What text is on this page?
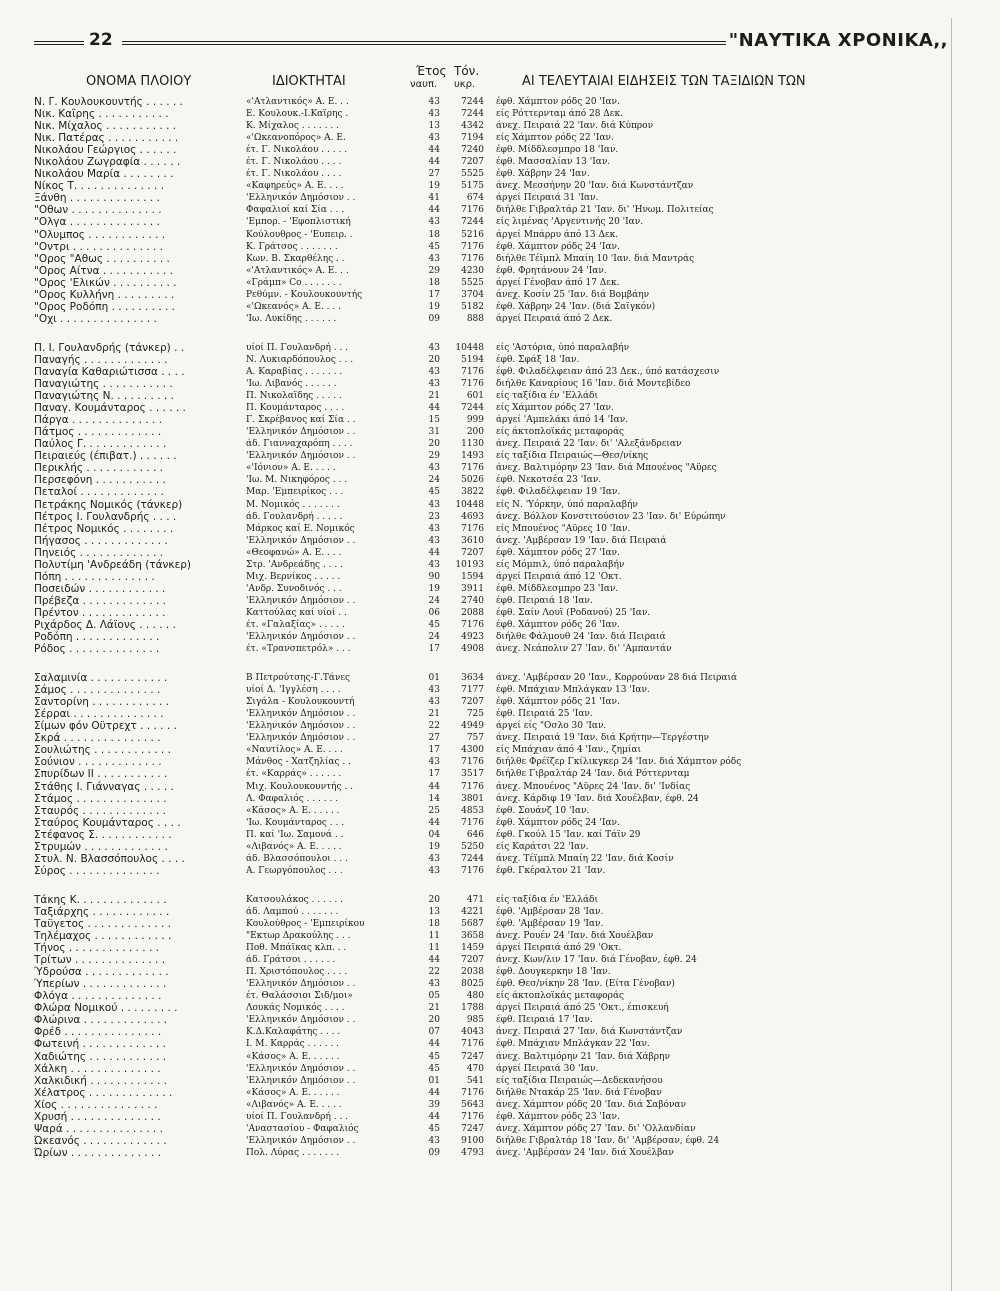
22	"ΝΑΥΤΙΚΑ ΧΡΟΝΙΚΑ,,
ΟΝΟΜΑ ΠΛΟΙΟΥ	ΙΔΙΟΚΤΗΤΑΙ
Έτος
ναυπ.
Τόν.
υκρ.	ΑΙ ΤΕΛΕΥΤΑΙΑΙ ΕΙΔΗΣΕΙΣ ΤΩΝ ΤΑΞΙΔΙΩΝ ΤΩΝ
Ν. Γ. Κουλουκουντής . . . . . .	«'Ατλαντικός» Α. Ε. . .	43	7244 έφθ. Χάμπτον ρόδς 20 'Ιαν.
Νικ. Καΐρης . . . . . . . . . . .	Ε. Κουλουκ.-Ι.Καΐρης .	43	7244 είς Ρόττερνταμ άπό 28 Δεκ.
Νικ. Μίχαλος . . . . . . . . . . .	Κ. Μίχαλος . . . . . . .	13	4342 άνεχ. Πειραιά 22 'Ιαν. διά Κύπρον
Νικ. Πατέρας . . . . . . . . . . .	«'Ωκεανοπόρος» Α. Ε.	43	7194 είς Χάμπτον ρόδς 22 'Ιαν.
Νικολάου Γεώργιος . . . . . .	έτ. Γ. Νικολάου . . . . .	44	7240 έφθ. Μίδδλεσμπρο 18 'Ιαν.
Νικολάου Ζωγραφία . . . . . .	έτ. Γ. Νικολάου . . . .	44	7207 έφθ. Μασσαλίαν 13 'Ιαν.
Νικολάου Μαρία . . . . . . . .	έτ. Γ. Νικολάου . . . .	27	5525 έφθ. Χάβρην 24 'Ιαν.
Νίκος Τ. . . . . . . . . . . . . .	«Καφηρεύς» Α. Ε. . . .	19	5175 άνεχ. Μεσσήνην 20 'Ιαν. διά Κωνστάντζαν
Ξάνθη . . . . . . . . . . . . . .	'Ελληνικόν Δημόσιον . .	41	674 άργεί Πειραιά 31 'Ιαν.
"Οθων . . . . . . . . . . . . . .	Φαφαλιοί καί Σία . . .	44	7176 διήλθε Γιβραλτάρ 21 'Ιαν. δι' 'Ηνωμ. Πολιτείας
"Ολγα . . . . . . . . . . . . . .	'Εμπορ. - 'Εφοπλιστική	43	7244 είς λιμένας 'Αργεντινής 20 'Ιαν.
"Ολυμπος . . . . . . . . . . . .	Κούλουθρος - 'Ευπειρ. .	18	5216 άργεί Μπάρρυ άπό 13 Δεκ.
"Οντρι . . . . . . . . . . . . . .	Κ. Γράτσος . . . . . . .	45	7176 έφθ. Χάμπτον ρόδς 24 'Ιαν.
"Ορος "Αθως . . . . . . . . . .	Κων. Β. Σκαρθέλης . .	43	7176 διήλθε Τέϊμπλ Μπαίη 10 'Ιαν. διά Μαντράς
"Ορος Αίτνα . . . . . . . . . . .	«'Ατλαντικός» Α. Ε. . .	29	4230 έφθ. Φρητάνουν 24 'Ιαν.
"Ορος 'Ελικών . . . . . . . . . .	«Γράμπ» Co . . . . . . .	18	5525 άργεί Γένοβαν άπό 17 Δεκ.
"Ορος Κυλλήνη . . . . . . . . .	Ρεθύμν. - Κουλουκουντής	17	3704 άνεχ. Κοσίν 25 'Ιαν. διά Βομβάην
"Ορος Ροδόπη . . . . . . . . . .	«'Ωκεανός» Α. Ε. . . .	19	5182 έφθ. Χάβρην 24 'Ιαν. (διά Σαϊγκόν)
"Οχι . . . . . . . . . . . . . . .	'Ιω. Λυκίδης . . . . . .	09	888 άργεί Πειραιά άπό 2 Δεκ.
Π. Ι. Γουλανδρής (τάνκερ) . .	υίοί Π. Γουλανδρή . . .	43	10448 είς 'Αστόρια, ύπό παραλαβήν
Παναγής . . . . . . . . . . . . .	Ν. Λυκιαρδόπουλος . . .	20	5194 έφθ. Σφάξ 18 'Ιαν.
Παναγία Καθαριώτισσα . . . .	Α. Καραβίας . . . . . . .	43	7176 έφθ. Φιλαδέλφειαν άπό 23 Δεκ., ύπό κατάσχεσιν
Παναγιώτης . . . . . . . . . . .	'Ιω. Λιβανός . . . . . .	43	7176 διήλθε Καναρίους 16 'Ιαν. διά Μοντεβίδεο
Παναγιώτης Ν. . . . . . . . . .	Π. Νικολαΐδης . . . . .	21	601 είς ταξίδια έν 'Ελλάδι
Παναγ. Κουμάνταρος . . . . . .	Π. Κουμάνταρος . . . .	44	7244 είς Χάμπτον ρόδς 27 'Ιαν.
Πάργα . . . . . . . . . . . . . .	Γ. Σκρέβανος καί Σία . .	15	999 άργεί 'Αμπελάκι άπό 14 'Ιαν.
Πάτμος . . . . . . . . . . . . .	'Ελληνικόν Δημόσιον . .	31	200 είς άκτοπλοϊκάς μεταφοράς
Παύλος Γ. . . . . . . . . . . . .	άδ. Γιανναχαρόπη . . . .	20	1130 άνεχ. Πειραιά 22 'Ιαν. δι' 'Αλεξάνδρειαν
Πειραιεύς (έπιβατ.) . . . . . .	'Ελληνικόν Δημόσιον . .	29	1493 είς ταξίδια Πειραιώς—Θεσ/νίκης
Περικλής . . . . . . . . . . . .	«'Ιόνιον» Α. Ε. . . . .	43	7176 άνεχ. Βαλτιμόρην 23 'Ιαν. διά Μπουένος "Αϋρες
Περσεφόνη . . . . . . . . . . .	'Ιω. Μ. Νικηφόρος . . .	24	5026 έφθ. Νεκοτσέα 23 'Ιαν.
Πεταλοί . . . . . . . . . . . . .	Μαρ. 'Εμπειρίκος . . .	45	3822 έφθ. Φιλαδέλφειαν 19 'Ιαν.
Πετράκης Νομικός (τάνκερ)	Μ. Νομικός . . . . . . .	43	10448 είς Ν. 'Υόρκην, ύπό παραλαβήν
Πέτρος Ι. Γουλανδρής . . . .	άδ. Γουλανδρή . . . . .	23	4693 άνεχ. Βόλλον Κονστιτούσιον 23 'Ιαν. δι' Εύρώπην
Πέτρος Νομικός . . . . . . . .	Μάρκος καί Ε. Νομικός	43	7176 είς Μπουένος "Αϋρες 10 'Ιαν.
Πήγασος . . . . . . . . . . . . .	'Ελληνικόν Δημόσιον . .	43	3610 άνεχ. 'Αμβέρσαν 19 'Ιαν. διά Πειραιά
Πηνειός . . . . . . . . . . . . .	«Θεοφανώ» Α. Ε. . . .	44	7207 έφθ. Χάμπτον ρόδς 27 'Ιαν.
Πολυτίμη 'Ανδρεάδη (τάνκερ)	Στρ. 'Ανδρεάδης . . . .	43	10193 είς Μόμπιλ, ύπό παραλαβήν
Πόπη . . . . . . . . . . . . . .	Μιχ. Βερνίκος . . . . .	90	1594 άργεί Πειραιά άπό 12 'Οκτ.
Ποσειδών . . . . . . . . . . . .	'Ανδρ. Συνοδινός . . .	19	3911 έφθ. Μίδδλεσμπρο 23 'Ιαν.
Πρέβεζα . . . . . . . . . . . . .	'Ελληνικόν Δημόσιον . .	24	2740 έφθ. Πειραιά 18 'Ιαν.
Πρέντον . . . . . . . . . . . . .	Καττούλας καί υίοί . .	06	2088 έφθ. Σαίν Λουΐ (Ροδανού) 25 'Ιαν.
Ριχάρδος Δ. Λάϊονς . . . . . .	έτ. «Γαλαξίας» . . . . .	45	7176 έφθ. Χάμπτον ρόδς 26 'Ιαν.
Ροδόπη . . . . . . . . . . . . .	'Ελληνικόν Δημόσιον . .	24	4923 διήλθε Φάλμουθ 24 'Ιαν. διά Πειραιά
Ρόδος . . . . . . . . . . . . . .	έτ. «Τρανσπετρόλ» . . .	17	4908 άνεχ. Νεάπολιν 27 'Ιαν. δι' 'Αμπαντάν
Σαλαμινία . . . . . . . . . . . .	Β Πετρούτσης-Γ.Τάνες	01	3634 άνεχ. 'Αμβέρσαν 20 'Ιαν., Κορρούναν 28 διά Πειραιά
Σάμος . . . . . . . . . . . . . .	υίοί Δ. 'Ιγγλέση . . . .	43	7177 έφθ. Μπάχιαν Μπλάγκαν 13 'Ιαν.
Σαντορίνη . . . . . . . . . . . .	Σιγάλα - Κουλουκουντή	43	7207 έφθ. Χάμπτον ρόδς 21 'Ιαν.
Σέρραι . . . . . . . . . . . . . .	'Ελληνικόν Δημόσιον . .	21	725 έφθ. Πειραιά 25 'Ιαν.
Σίμων φόν Οϋτρεχτ . . . . . .	'Ελληνικόν Δημόσιον . .	22	4949 άργεί είς "Οσλο 30 'Ιαν.
Σκρά . . . . . . . . . . . . . . .	'Ελληνικόν Δημόσιον . .	27	757 άνεχ. Πειραιά 19 'Ιαν. διά Κρήτην—Τεργέστην
Σουλιώτης . . . . . . . . . . . .	«Ναυτίλος» Α. Ε. . . .	17	4300 είς Μπάχιαν άπό 4 'Ιαν., ζημίαι
Σούνιον . . . . . . . . . . . . .	Μάνθος - Χατζηλίας . .	43	7176 διήλθε Φρέϊζερ Γκίλικγκερ 24 'Ιαν. διά Χάμπτον ρόδς
Σπυρίδων ΙΙ . . . . . . . . . . .	έτ. «Καρράς» . . . . . .	17	3517 διήλθε Γιβραλτάρ 24 'Ιαν. διά Ρόττερνταμ
Στάθης Ι. Γιάνναγας . . . . .	Μιχ. Κουλουκουντής . .	44	7176 άνεχ. Μπουένος "Αϋρες 24 'Ιαν. δι' 'Ινδίας
Στάμος . . . . . . . . . . . . . .	Λ. Φαφαλιός . . . . . .	14	3801 άνεχ. Κάρδιφ 19 'Ιαν. διά Χουέλβαν, έφθ. 24
Σταυρός . . . . . . . . . . . . .	«Κάσος» Α. Ε. . . . . .	25	4853 έφθ. Σουάνζ 10 'Ιαν.
Σταύρος Κουμάνταρος . . . .	'Ιω. Κουμάνταρος . . .	44	7176 έφθ. Χάμπτον ρόδς 24 'Ιαν.
Στέφανος Σ. . . . . . . . . . . .	Π. καί 'Ιω. Σαμονά . .	04	646 έφθ. Γκούλ 15 'Ιαν. καί Τάϊν 29
Στρυμών . . . . . . . . . . . . .	«Λιβανός» Α. Ε. . . . .	19	5250 είς Καράτσι 22 'Ιαν.
Στυλ. Ν. Βλασσόπουλος . . . .	άδ. Βλασσόπουλοι . . .	43	7244 άνεχ. Τέϊμπλ Μπαίη 22 'Ιαν. διά Κοσίν
Σύρος . . . . . . . . . . . . . .	Α. Γεωργόπουλος . . .	43	7176 έφθ. Γκέραλτον 21 'Ιαν.
Τάκης Κ. . . . . . . . . . . . . .	Κατσουλάκος . . . . . .	20	471 είς ταξίδια έν 'Ελλάδι
Ταξιάρχης . . . . . . . . . . . .	άδ. Λαμπού . . . . . . .	13	4221 έφθ. 'Αμβέρσαν 28 'Ιαν.
Ταΰγετος . . . . . . . . . . . . .	Κουλούθρος - 'Εμπειρίκου	18	5687 έφθ. 'Αμβέρσαν 19 'Ιαν.
Τηλέμαχος . . . . . . . . . . . .	"Εκτωρ Δρακούλης . . .	11	3658 άνεχ. Ρουέν 24 'Ιαν. διά Χουέλβαν
Τήνος . . . . . . . . . . . . . .	Ποθ. Μπάϊκας κλπ. . .	11	1459 άργεί Πειραιά άπό 29 'Οκτ.
Τρίτων . . . . . . . . . . . . . .	άδ. Γράτσοι . . . . . .	44	7207 άνεχ. Κων/λιν 17 'Ιαν. διά Γένοβαν, έφθ. 24
Ύδρούσα . . . . . . . . . . . . .	Π. Χριστόπουλος . . . .	22	2038 έφθ. Δουγκερκην 18 'Ιαν.
Ύπερίων . . . . . . . . . . . . .	'Ελληνικόν Δημόσιον . .	43	8025 έφθ. Θεσ/νίκην 28 'Ιαν. (Είτα Γένοβαν)
Φλόγα . . . . . . . . . . . . . .	έτ. Θαλάσσιοι Σιδ/μοι»	05	480 είς άκτοπλοϊκάς μεταφοράς
Φλώρα Νομικού . . . . . . . . .	Λουκάς Νομικός . . . .	21	1788 άργεί Πειραιά άπό 25 'Οκτ., έπισκευή
Φλώρινα . . . . . . . . . . . . .	'Ελληνικόν Δημόσιον . .	20	985 έφθ. Πειραιά 17 'Ιαν.
Φρέδ . . . . . . . . . . . . . . .	Κ.Δ.Καλαφάτης . . . .	07	4043 άνεχ. Πειραιά 27 'Ιαν. διά Κωνστάντζαν
Φωτεινή . . . . . . . . . . . . .	Ι. Μ. Καρράς . . . . . .	44	7176 έφθ. Μπάχιαν Μπλάγκαν 22 'Ιαν.
Χαδιώτης . . . . . . . . . . . .	«Κάσος» Α. Ε. . . . . .	45	7247 άνεχ. Βαλτιμόρην 21 'Ιαν. διά Χάβρην
Χάλκη . . . . . . . . . . . . . .	'Ελληνικόν Δημόσιον . .	45	470 άργεί Πειραιά 30 'Ιαν.
Χαλκιδική . . . . . . . . . . . .	'Ελληνικόν Δημόσιον . .	01	541 είς ταξίδια Πειραιώς—Δεδεκανήσου
Χέλατρος . . . . . . . . . . . . .	«Κάσος» Α. Ε. . . . . .	44	7176 διήλθε Ντακάρ 25 'Ιαν. διά Γένοβαν
Χίος . . . . . . . . . . . . . . .	«Λιβανός» Α. Ε. . . . .	39	5643 άνεχ. Χάμπτον ρόδς 20 'Ιαν. διά Σαβόναν
Χρυσή . . . . . . . . . . . . . .	υίοί Π. Γουλανδρή . . .	44	7176 έφθ. Χάμπτον ρόδς 23 'Ιαν.
Ψαρά . . . . . . . . . . . . . . .	'Αναστασίου - Φαφαλιός	45	7247 άνεχ. Χάμπτον ρόδς 27 'Ιαν. δι' 'Ολλανδίαν
Ώκεανός . . . . . . . . . . . . .	'Ελληνικόν Δημόσιον . .	43	9100 διήλθε Γιβραλτάρ 18 'Ιαν. δι' 'Αμβέρσαν, έφθ. 24
Ώρίων . . . . . . . . . . . . . .	Πολ. Λύρας . . . . . . .	09	4793 άνεχ. 'Αμβέρσαν 24 'Ιαν. διά Χουέλβαν
